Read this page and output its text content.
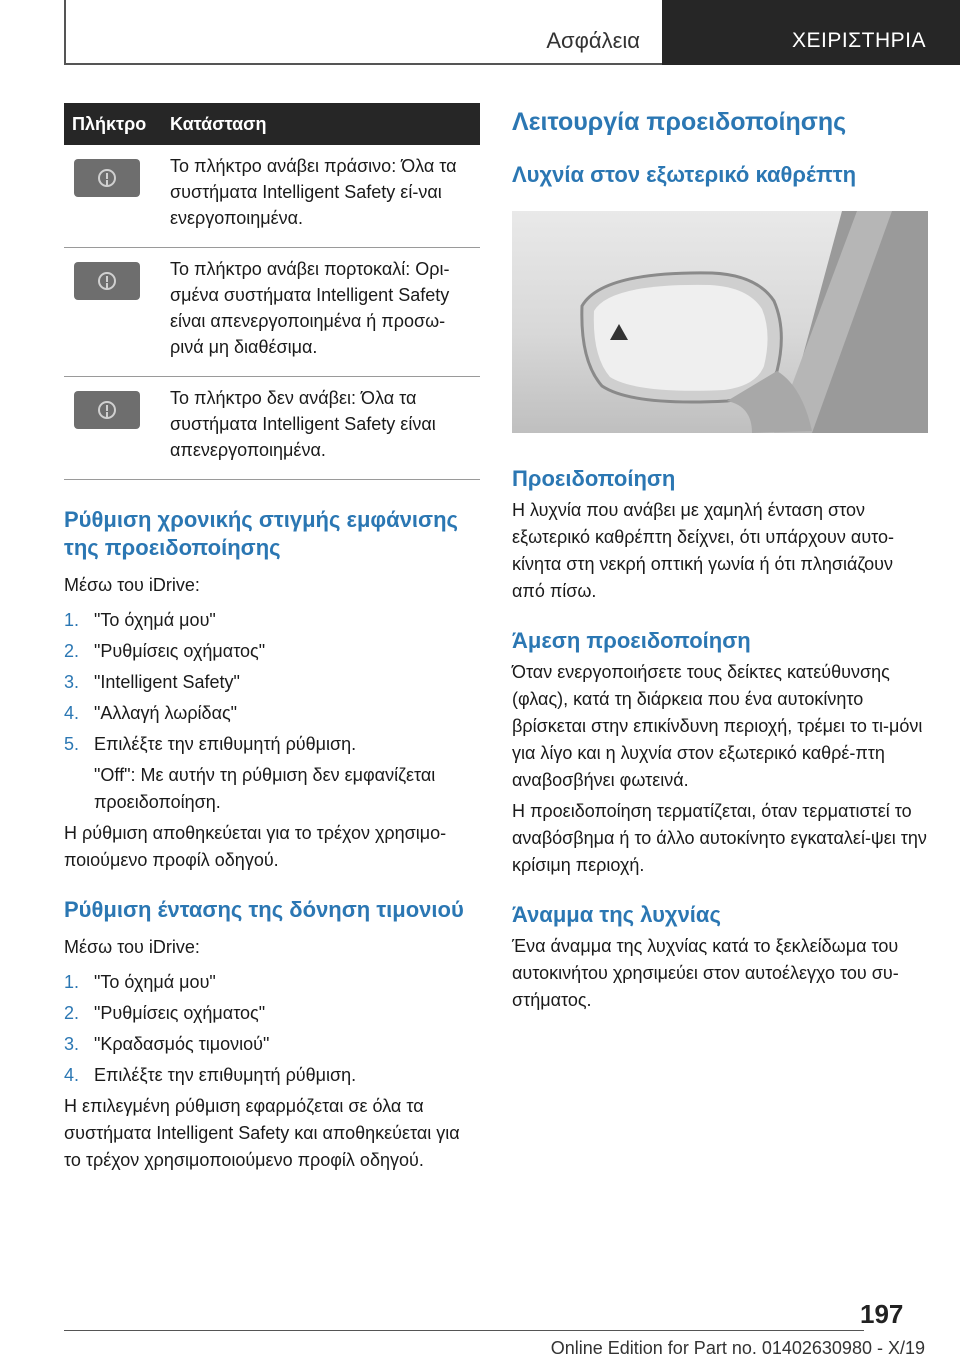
Ασφάλεια	ΧΕΙΡΙΣΤΗΡΙΑ
Πλήκτρο	Κατάσταση

	Το πλήκτρο ανάβει πράσινο: Όλα τα συστήματα Intelligent Safety εί-ναι ενεργοποιημένα.

	Το πλήκτρο ανάβει πορτοκαλί: Ορι-σμένα συστήματα Intelligent Safety είναι απενεργοποιημένα ή προσω-ρινά μη διαθέσιμα.

	Το πλήκτρο δεν ανάβει: Όλα τα συστήματα Intelligent Safety είναι απενεργοποιημένα.
Ρύθμιση χρονικής στιγμής εμφάνισης της προειδοποίησης

Μέσω του iDrive:

1. "Το όχημά μου"
2. "Ρυθμίσεις οχήματος"
3. "Intelligent Safety"
4. "Αλλαγή λωρίδας"
5. Επιλέξτε την επιθυμητή ρύθμιση.
"Off": Με αυτήν τη ρύθμιση δεν εμφανίζεται προειδοποίηση.

Η ρύθμιση αποθηκεύεται για το τρέχον χρησιμο-ποιούμενο προφίλ οδηγού.

Ρύθμιση έντασης της δόνηση τιμονιού

Μέσω του iDrive:

1. "Το όχημά μου"
2. "Ρυθμίσεις οχήματος"
3. "Κραδασμός τιμονιού"
4. Επιλέξτε την επιθυμητή ρύθμιση.

Η επιλεγμένη ρύθμιση εφαρμόζεται σε όλα τα συστήματα Intelligent Safety και αποθηκεύεται για το τρέχον χρησιμοποιούμενο προφίλ οδηγού.

Λειτουργία προειδοποίησης
Λυχνία στον εξωτερικό καθρέπτη
Προειδοποίηση

Η λυχνία που ανάβει με χαμηλή ένταση στον εξωτερικό καθρέπτη δείχνει, ότι υπάρχουν αυτο-κίνητα στη νεκρή οπτική γωνία ή ότι πλησιάζουν από πίσω.

Άμεση προειδοποίηση

Όταν ενεργοποιήσετε τους δείκτες κατεύθυνσης (φλας), κατά τη διάρκεια που ένα αυτοκίνητο βρίσκεται στην επικίνδυνη περιοχή, τρέμει το τι-μόνι για λίγο και η λυχνία στον εξωτερικό καθρέ-πτη αναβοσβήνει φωτεινά.

Η προειδοποίηση τερματίζεται, όταν τερματιστεί το αναβόσβημα ή το άλλο αυτοκίνητο εγκαταλεί-ψει την κρίσιμη περιοχή.

Άναμμα της λυχνίας

Ένα άναμμα της λυχνίας κατά το ξεκλείδωμα του αυτοκινήτου χρησιμεύει στον αυτοέλεγχο του συ-στήματος.

197
Online Edition for Part no. 01402630980 - X/19
